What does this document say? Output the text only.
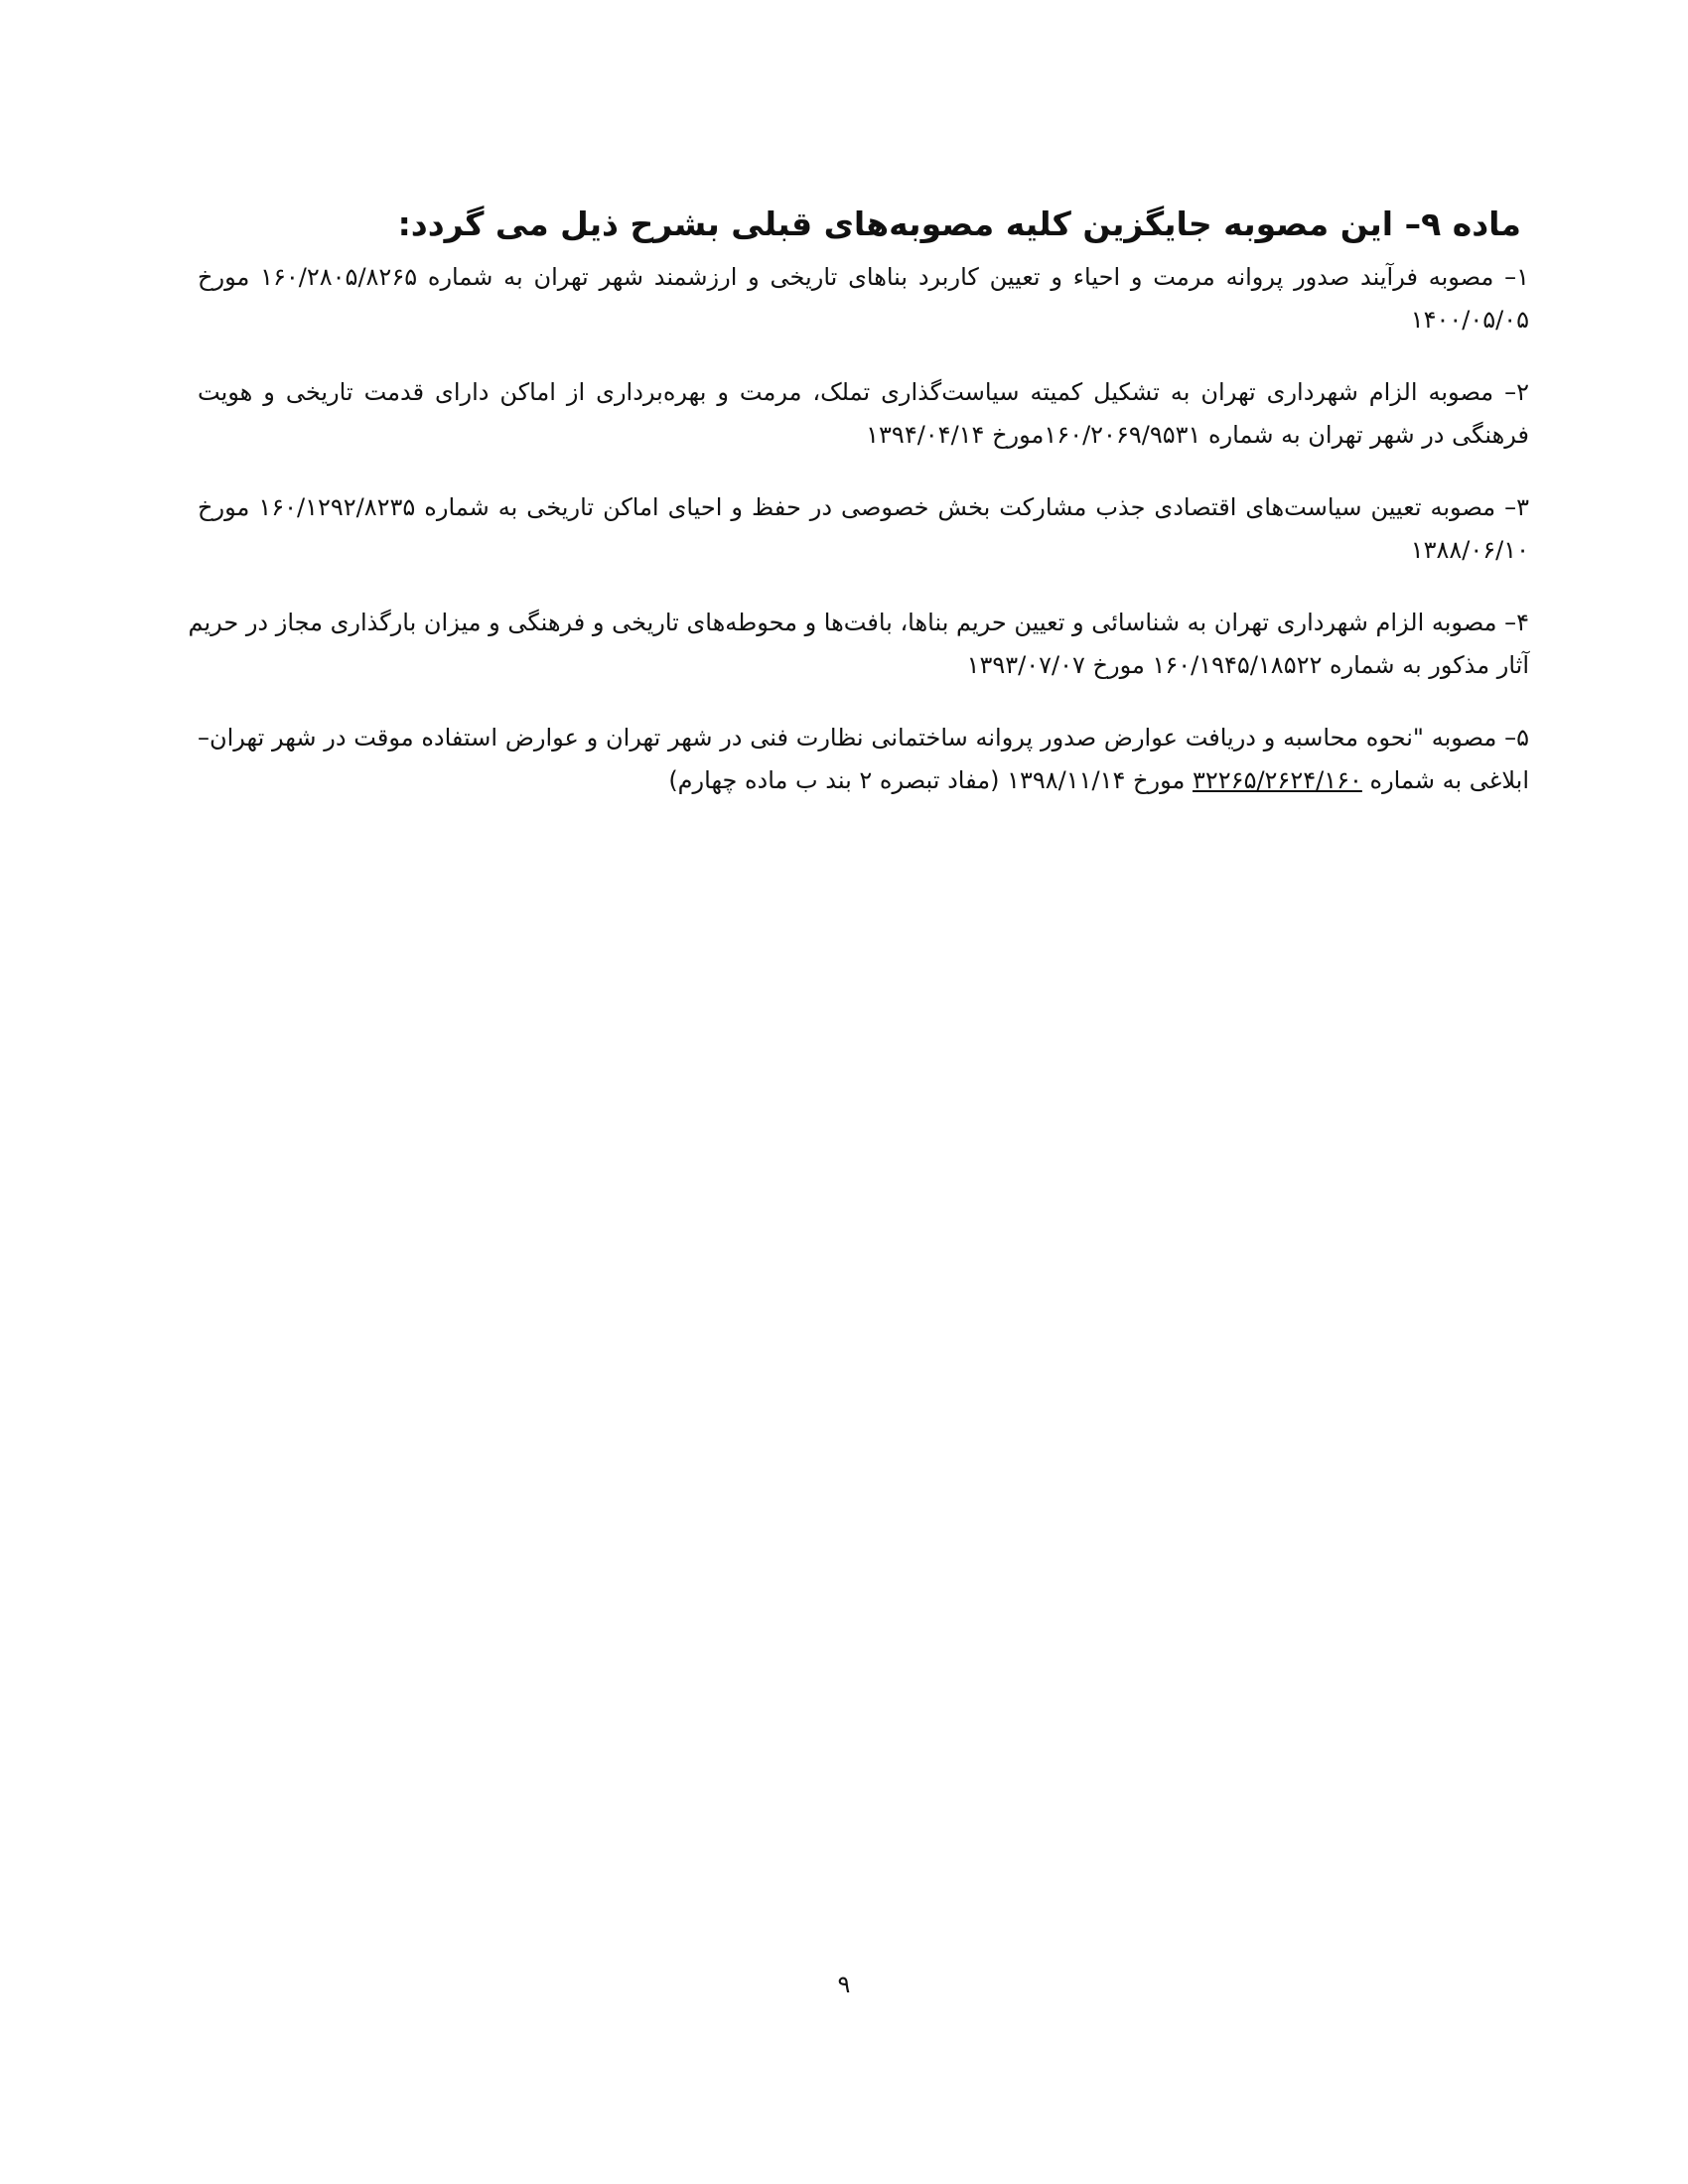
ماده ۹– این مصوبه جایگزین کلیه مصوبه‌های قبلی بشرح ذیل می گردد:
۱– مصوبه فرآیند صدور پروانه مرمت و احیاء و تعیین کاربرد بناهای تاریخی و ارزشمند شهر تهران به شماره ۱۶۰/۲۸۰۵/۸۲۶۵ مورخ
۱۴۰۰/۰۵/۰۵
۲– مصوبه الزام شهرداری تهران به تشکیل کمیته سیاست‌گذاری تملک، مرمت و بهره‌برداری از اماکن دارای قدمت تاریخی و هویت
فرهنگی در شهر تهران به شماره ۱۶۰/۲۰۶۹/۹۵۳۱مورخ ۱۳۹۴/۰۴/۱۴
۳– مصوبه تعیین سیاست‌های اقتصادی جذب مشارکت بخش خصوصی در حفظ و احیای اماکن تاریخی به شماره ۱۶۰/۱۲۹۲/۸۲۳۵ مورخ
۱۳۸۸/۰۶/۱۰
۴– مصوبه الزام شهرداری تهران به شناسائی و تعیین حریم بناها، بافت‌ها و محوطه‌های تاریخی و فرهنگی و میزان بارگذاری مجاز در حریم
آثار مذکور به شماره ۱۶۰/۱۹۴۵/۱۸۵۲۲ مورخ ۱۳۹۳/۰۷/۰۷
۵– مصوبه "نحوه محاسبه و دریافت عوارض صدور پروانه ساختمانی نظارت فنی در شهر تهران و عوارض استفاده موقت در شهر تهران–
ابلاغی به شماره ۳۲۲۶۵/۲۶۲۴/۱۶۰ مورخ ۱۳۹۸/۱۱/۱۴ (مفاد تبصره ۲ بند ب ماده چهارم)
۹
